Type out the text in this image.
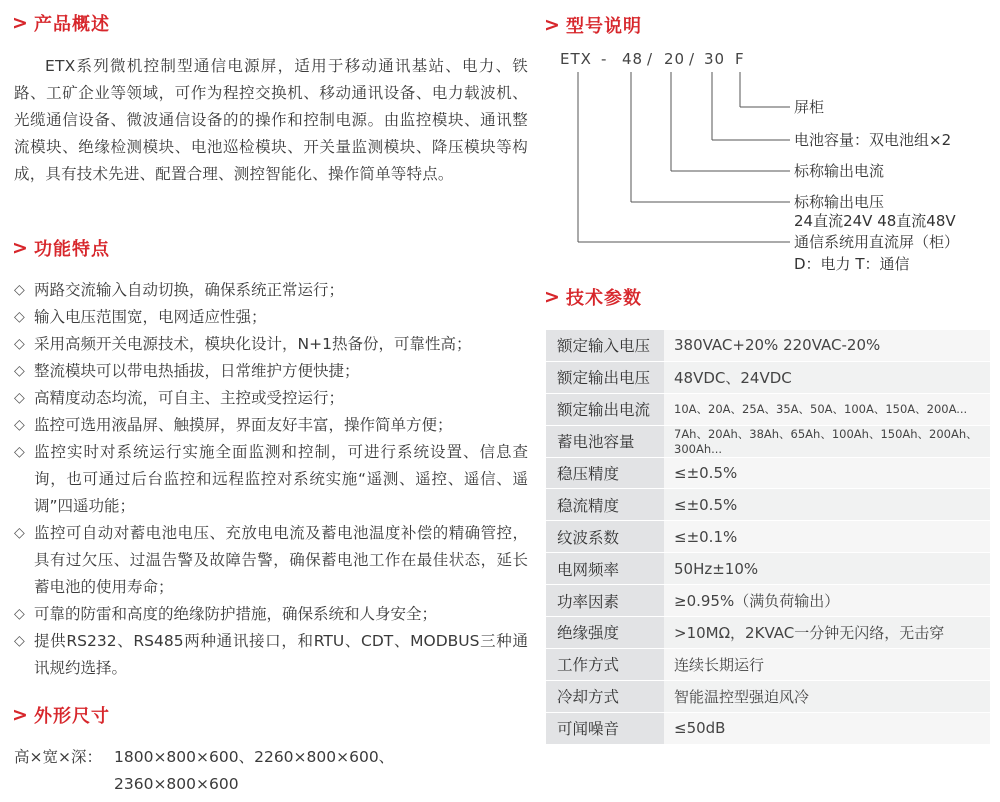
> 产品概述
ETX系列微机控制型通信电源屏，适用于移动通讯基站、电力、铁路、工矿企业等领域，可作为程控交换机、移动通讯设备、电力载波机、光缆通信设备、微波通信设备的的操作和控制电源。由监控模块、通讯整流模块、绝缘检测模块、电池巡检模块、开关量监测模块、降压模块等构成，具有技术先进、配置合理、测控智能化、操作简单等特点。
> 功能特点
◇ 两路交流输入自动切换，确保系统正常运行；
◇ 输入电压范围宽，电网适应性强；
◇ 采用高频开关电源技术，模块化设计，N+1热备份，可靠性高；
◇ 整流模块可以带电热插拔，日常维护方便快捷；
◇ 高精度动态均流，可自主、主控或受控运行；
◇ 监控可选用液晶屏、触摸屏，界面友好丰富，操作简单方便；
◇ 监控实时对系统运行实施全面监测和控制，可进行系统设置、信息查询，也可通过后台监控和远程监控对系统实施“遥测、遥控、遥信、遥调”四遥功能；
◇ 监控可自动对蓄电池电压、充放电电流及蓄电池温度补偿的精确管控，具有过欠压、过温告警及故障告警，确保蓄电池工作在最佳状态，延长蓄电池的使用寿命；
◇ 可靠的防雷和高度的绝缘防护措施，确保系统和人身安全；
◇ 提供RS232、RS485两种通讯接口，和RTU、CDT、MODBUS三种通讯规约选择。
> 外形尺寸
高×宽×深： 1800×800×600、2260×800×600、
2360×800×600
> 型号说明
ETX - 48 / 20 / 30 F
屏柜
电池容量：双电池组×2
标称输出电流
标称输出电压
24直流24V 48直流48V
通信系统用直流屏（柜）
D：电力 T：通信
> 技术参数
额定输入电压	380VAC+20% 220VAC-20%
额定输出电压	48VDC、24VDC
额定输出电流	10A、20A、25A、35A、50A、100A、150A、200A...
蓄电池容量	7Ah、20Ah、38Ah、65Ah、100Ah、150Ah、200Ah、300Ah...
稳压精度	≤±0.5%
稳流精度	≤±0.5%
纹波系数	≤±0.1%
电网频率	50Hz±10%
功率因素	≥0.95%（满负荷输出）
绝缘强度	>10MΩ，2KVAC一分钟无闪络，无击穿
工作方式	连续长期运行
冷却方式	智能温控型强迫风冷
可闻噪音	≤50dB
